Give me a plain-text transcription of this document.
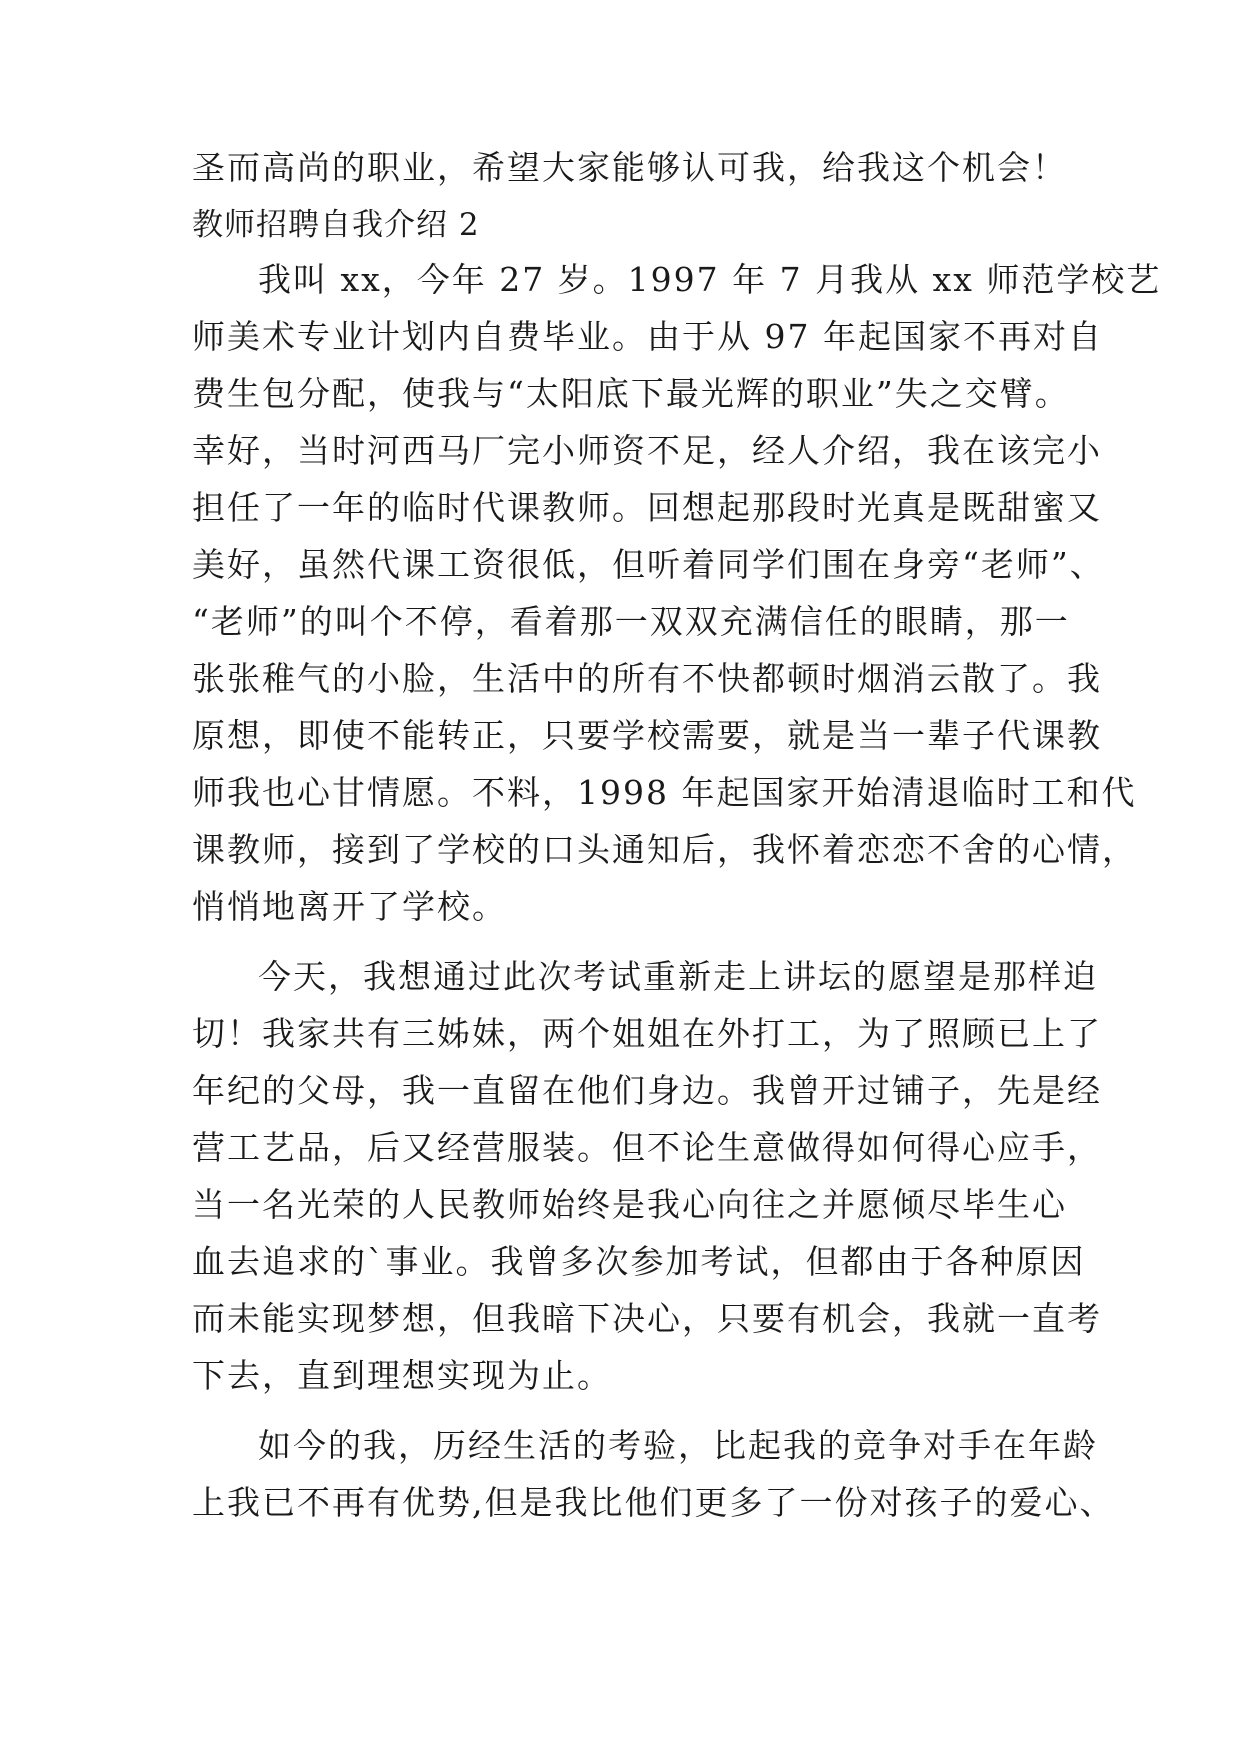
圣而高尚的职业，希望大家能够认可我，给我这个机会！
教师招聘自我介绍 2
我叫 xx，今年 27 岁。1997 年 7 月我从 xx 师范学校艺
师美术专业计划内自费毕业。由于从 97 年起国家不再对自
费生包分配，使我与“太阳底下最光辉的职业”失之交臂。
幸好，当时河西马厂完小师资不足，经人介绍，我在该完小
担任了一年的临时代课教师。回想起那段时光真是既甜蜜又
美好，虽然代课工资很低，但听着同学们围在身旁“老师”、
“老师”的叫个不停，看着那一双双充满信任的眼睛，那一
张张稚气的小脸，生活中的所有不快都顿时烟消云散了。我
原想，即使不能转正，只要学校需要，就是当一辈子代课教
师我也心甘情愿。不料，1998 年起国家开始清退临时工和代
课教师，接到了学校的口头通知后，我怀着恋恋不舍的心情，
悄悄地离开了学校。
今天，我想通过此次考试重新走上讲坛的愿望是那样迫
切！我家共有三姊妹，两个姐姐在外打工，为了照顾已上了
年纪的父母，我一直留在他们身边。我曾开过铺子，先是经
营工艺品，后又经营服装。但不论生意做得如何得心应手，
当一名光荣的人民教师始终是我心向往之并愿倾尽毕生心
血去追求的`事业。我曾多次参加考试，但都由于各种原因
而未能实现梦想，但我暗下决心，只要有机会，我就一直考
下去，直到理想实现为止。
如今的我，历经生活的考验，比起我的竞争对手在年龄
上我已不再有优势,但是我比他们更多了一份对孩子的爱心、
